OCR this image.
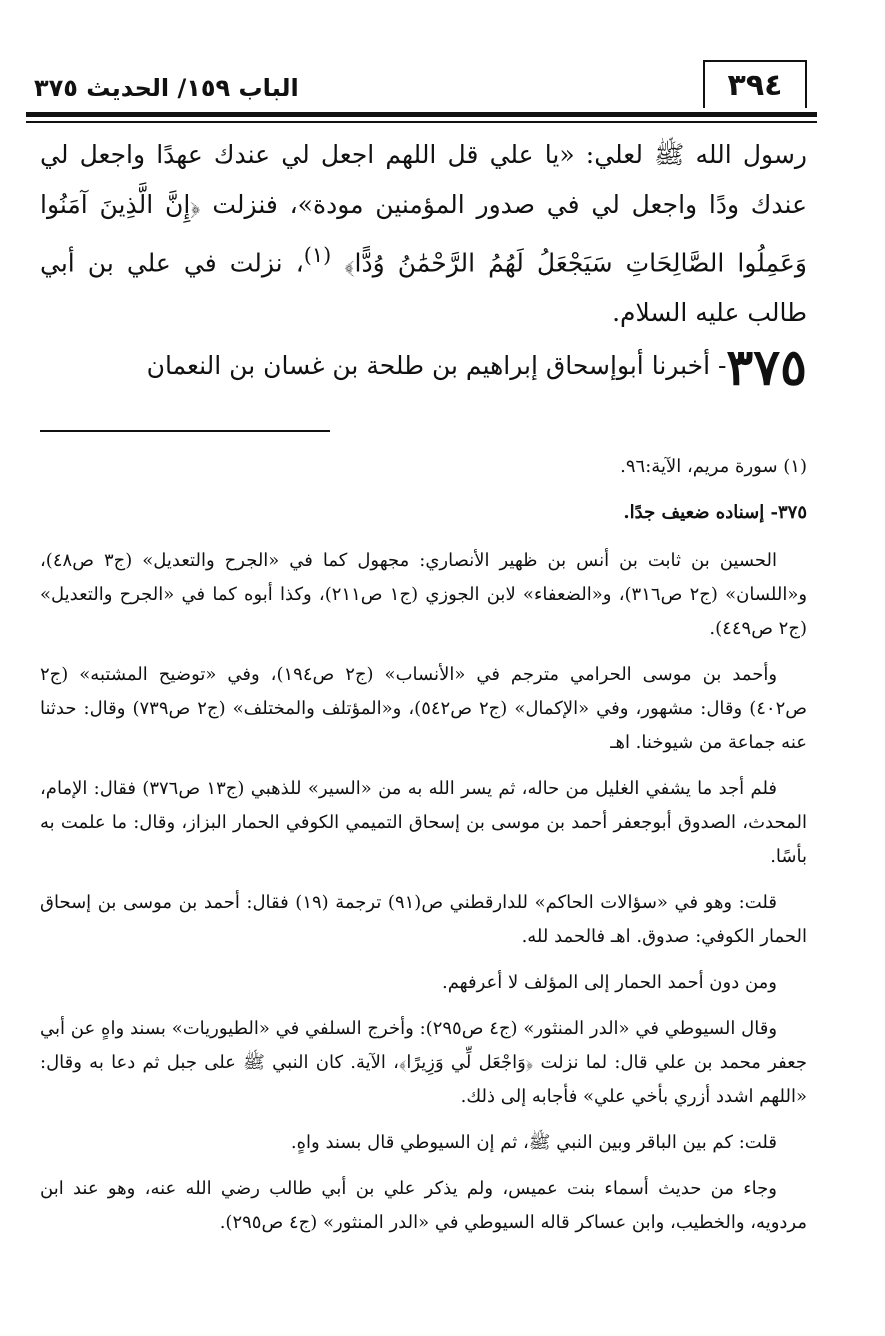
٣٩٤
الباب ١٥٩/ الحديث ٣٧٥

رسول الله ﷺ لعلي: «يا علي قل اللهم اجعل لي عندك عهدًا واجعل لي عندك ودًا واجعل لي في صدور المؤمنين مودة»، فنزلت ﴿إِنَّ الَّذِينَ آمَنُوا وَعَمِلُوا الصَّالِحَاتِ سَيَجْعَلُ لَهُمُ الرَّحْمَٰنُ وُدًّا﴾ $^{(١)}$، نزلت في علي بن أبي طالب عليه السلام.

٣٧٥- أخبرنا أبوإسحاق إبراهيم بن طلحة بن غسان بن النعمان

(١) سورة مريم، الآية:٩٦.

٣٧٥- إسناده ضعيف جدًا.

الحسين بن ثابت بن أنس بن ظهير الأنصاري: مجهول كما في «الجرح والتعديل» (ج٣ ص٤٨)، و«اللسان» (ج٢ ص٣١٦)، و«الضعفاء» لابن الجوزي (ج١ ص٢١١)، وكذا أبوه كما في «الجرح والتعديل» (ج٢ ص٤٤٩).

وأحمد بن موسى الحرامي مترجم في «الأنساب» (ج٢ ص١٩٤)، وفي «توضيح المشتبه» (ج٢ ص٤٠٢) وقال: مشهور، وفي «الإكمال» (ج٢ ص٥٤٢)، و«المؤتلف والمختلف» (ج٢ ص٧٣٩) وقال: حدثنا عنه جماعة من شيوخنا. اهـ

فلم أجد ما يشفي الغليل من حاله، ثم يسر الله به من «السير» للذهبي (ج١٣ ص٣٧٦) فقال: الإمام، المحدث، الصدوق أبوجعفر أحمد بن موسى بن إسحاق التميمي الكوفي الحمار البزاز، وقال: ما علمت به بأسًا.

قلت: وهو في «سؤالات الحاكم» للدارقطني ص(٩١) ترجمة (١٩) فقال: أحمد بن موسى بن إسحاق الحمار الكوفي: صدوق. اهـ فالحمد لله.

ومن دون أحمد الحمار إلى المؤلف لا أعرفهم.

وقال السيوطي في «الدر المنثور» (ج٤ ص٢٩٥): وأخرج السلفي في «الطيوريات» بسند واهٍ عن أبي جعفر محمد بن علي قال: لما نزلت ﴿وَاجْعَل لِّي وَزِيرًا﴾، الآية. كان النبي ﷺ على جبل ثم دعا به وقال: «اللهم اشدد أزري بأخي علي» فأجابه إلى ذلك.

قلت: كم بين الباقر وبين النبي ﷺ، ثم إن السيوطي قال بسند واهٍ.

وجاء من حديث أسماء بنت عميس، ولم يذكر علي بن أبي طالب رضي الله عنه، وهو عند ابن مردويه، والخطيب، وابن عساكر قاله السيوطي في «الدر المنثور» (ج٤ ص٢٩٥).
